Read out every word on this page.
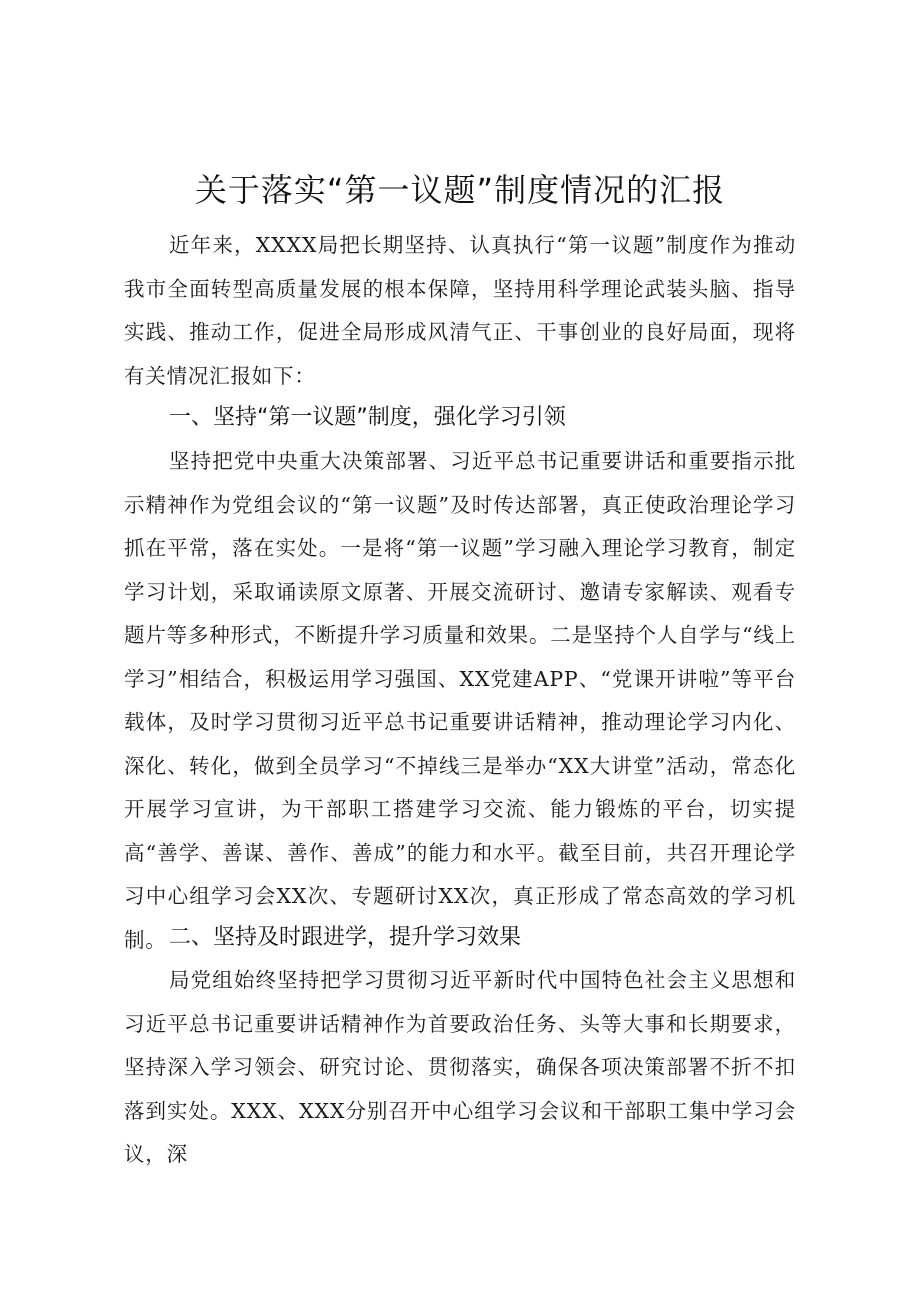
关于落实“第一议题”制度情况的汇报

近年来，XXXX局把长期坚持、认真执行“第一议题”制度作为推动我市全面转型高质量发展的根本保障，坚持用科学理论武装头脑、指导实践、推动工作，促进全局形成风清气正、干事创业的良好局面，现将有关情况汇报如下：

一、坚持“第一议题”制度，强化学习引领

坚持把党中央重大决策部署、习近平总书记重要讲话和重要指示批示精神作为党组会议的“第一议题”及时传达部署，真正使政治理论学习抓在平常，落在实处。一是将“第一议题”学习融入理论学习教育，制定学习计划，采取诵读原文原著、开展交流研讨、邀请专家解读、观看专题片等多种形式，不断提升学习质量和效果。二是坚持个人自学与“线上学习”相结合，积极运用学习强国、XX党建APP、“党课开讲啦”等平台载体，及时学习贯彻习近平总书记重要讲话精神，推动理论学习内化、深化、转化，做到全员学习“不掉线三是举办“XX大讲堂”活动，常态化开展学习宣讲，为干部职工搭建学习交流、能力锻炼的平台，切实提高“善学、善谋、善作、善成”的能力和水平。截至目前，共召开理论学习中心组学习会XX次、专题研讨XX次，真正形成了常态高效的学习机制。 二、坚持及时跟进学，提升学习效果

局党组始终坚持把学习贯彻习近平新时代中国特色社会主义思想和习近平总书记重要讲话精神作为首要政治任务、头等大事和长期要求，坚持深入学习领会、研究讨论、贯彻落实，确保各项决策部署不折不扣落到实处。XXX、XXX分别召开中心组学习会议和干部职工集中学习会议，深
